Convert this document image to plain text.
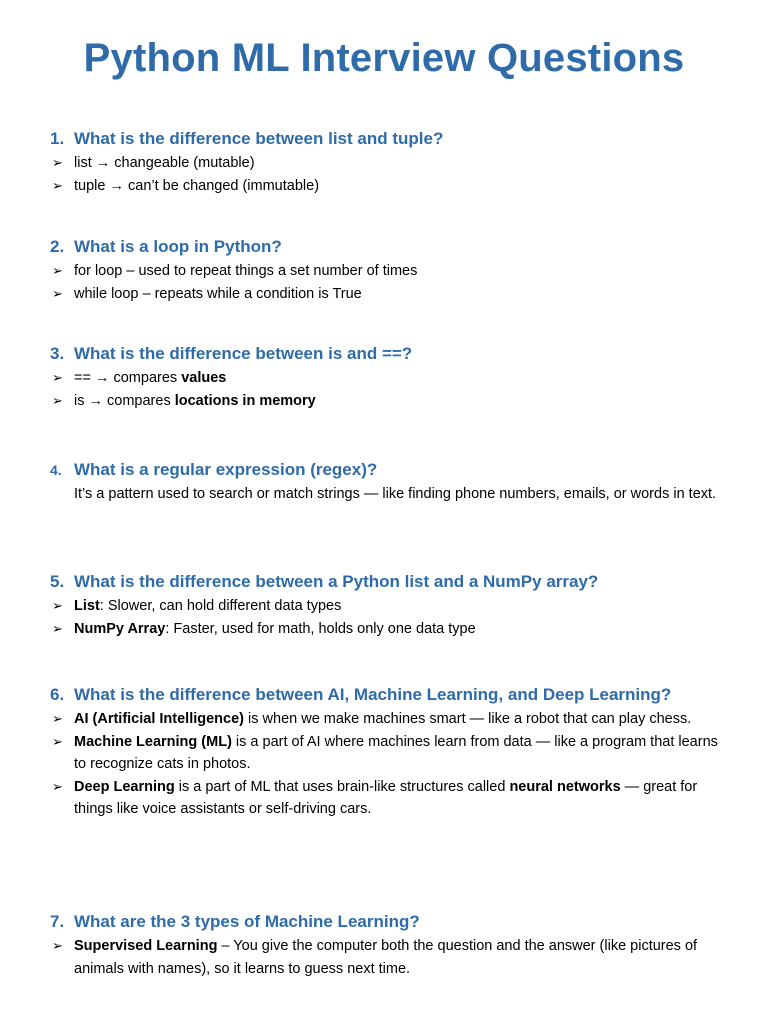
Python ML Interview Questions
1. What is the difference between list and tuple?
➢ list → changeable (mutable)
➢ tuple → can’t be changed (immutable)
2. What is a loop in Python?
➢ for loop – used to repeat things a set number of times
➢ while loop – repeats while a condition is True
3. What is the difference between is and ==?
➢ == → compares values
➢ is → compares locations in memory
4. What is a regular expression (regex)?

It’s a pattern used to search or match strings — like finding phone numbers, emails, or words in text.

5. What is the difference between a Python list and a NumPy array?
➢ List: Slower, can hold different data types
➢ NumPy Array: Faster, used for math, holds only one data type
6. What is the difference between AI, Machine Learning, and Deep Learning?
➢ AI (Artificial Intelligence) is when we make machines smart — like a robot that can play chess.
➢ Machine Learning (ML) is a part of AI where machines learn from data — like a program that learns to recognize cats in photos.
➢ Deep Learning is a part of ML that uses brain-like structures called neural networks — great for things like voice assistants or self-driving cars.
7. What are the 3 types of Machine Learning?
➢ Supervised Learning – You give the computer both the question and the answer (like pictures of animals with names), so it learns to guess next time.
